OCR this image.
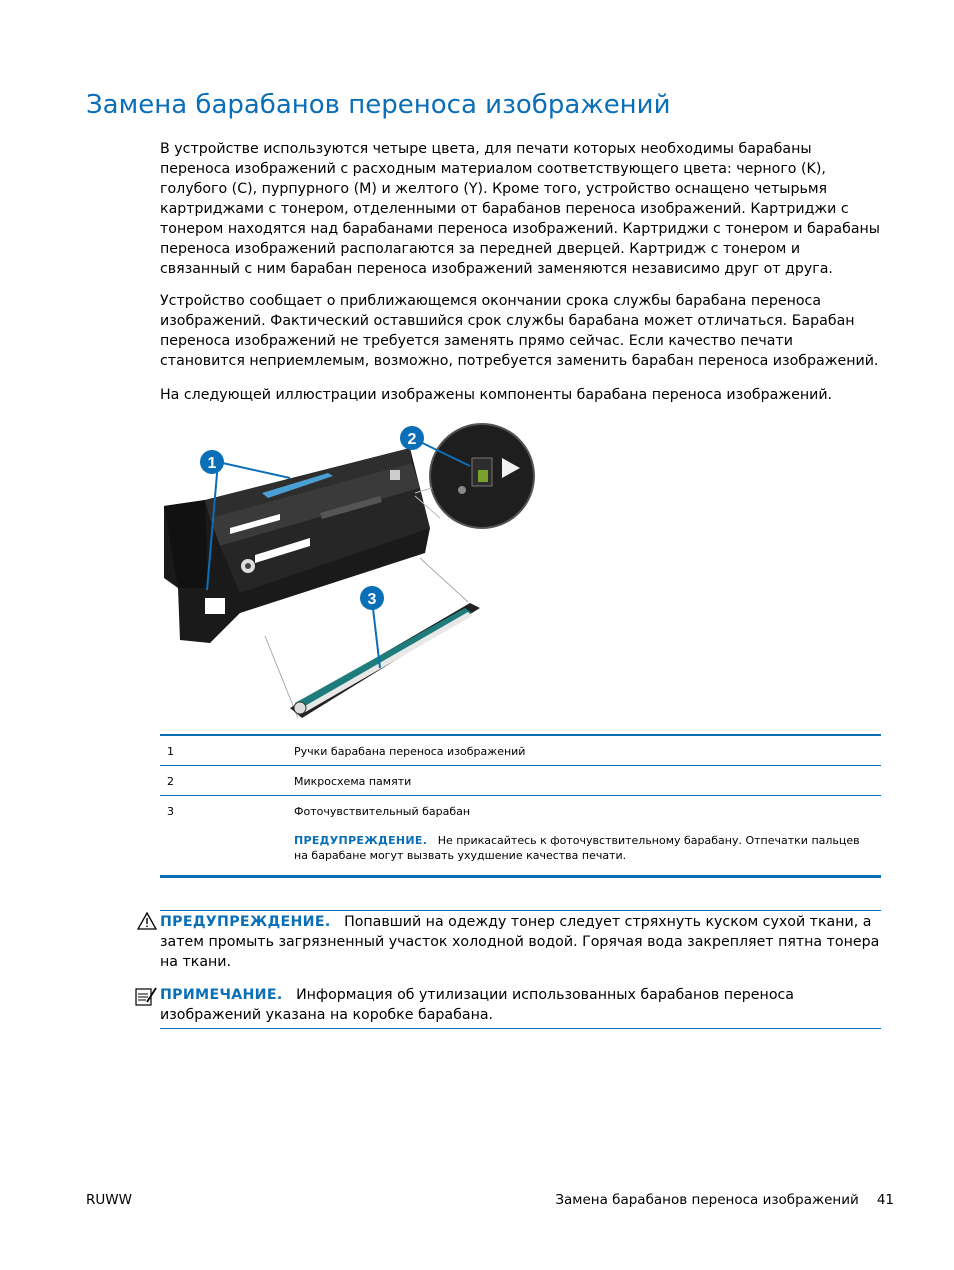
Замена барабанов переноса изображений

В устройстве используются четыре цвета, для печати которых необходимы барабаны переноса изображений с расходным материалом соответствующего цвета: черного (K), голубого (C), пурпурного (M) и желтого (Y). Кроме того, устройство оснащено четырьмя картриджами с тонером, отделенными от барабанов переноса изображений. Картриджи с тонером находятся над барабанами переноса изображений. Картриджи с тонером и барабаны переноса изображений располагаются за передней дверцей. Картридж с тонером и связанный с ним барабан переноса изображений заменяются независимо друг от друга.

Устройство сообщает о приближающемся окончании срока службы барабана переноса изображений. Фактический оставшийся срок службы барабана может отличаться. Барабан переноса изображений не требуется заменять прямо сейчас. Если качество печати становится неприемлемым, возможно, потребуется заменить барабан переноса изображений.

На следующей иллюстрации изображены компоненты барабана переноса изображений.

1
2
3
1	Ручки барабана переноса изображений
2	Микросхема памяти
3	Фоточувствительный барабан
ПРЕДУПРЕЖДЕНИЕ. Не прикасайтесь к фоточувствительному барабану. Отпечатки пальцев на барабане могут вызвать ухудшение качества печати.
ПРЕДУПРЕЖДЕНИЕ. Попавший на одежду тонер следует стряхнуть куском сухой ткани, а затем промыть загрязненный участок холодной водой. Горячая вода закрепляет пятна тонера на ткани.
ПРИМЕЧАНИЕ. Информация об утилизации использованных барабанов переноса изображений указана на коробке барабана.
RUWW	Замена барабанов переноса изображений 41
